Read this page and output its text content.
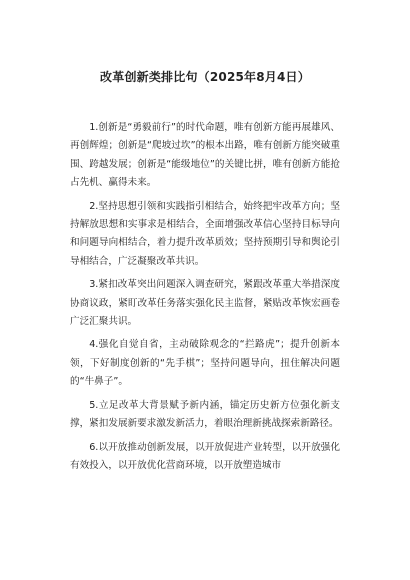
改革创新类排比句（2025年8月4日）

1.创新是“勇毅前行”的时代命题，唯有创新方能再展雄风、再创辉煌；创新是“爬坡过坎”的根本出路，唯有创新方能突破重围、跨越发展；创新是“能级地位”的关键比拼，唯有创新方能抢占先机、赢得未来。

2.坚持思想引领和实践指引相结合，始终把牢改革方向；坚持解放思想和实事求是相结合，全面增强改革信心坚持目标导向和问题导向相结合，着力提升改革质效；坚持预期引导和舆论引导相结合，广泛凝聚改革共识。

3.紧扣改革突出问题深入调查研究，紧跟改革重大举措深度协商议政，紧盯改革任务落实强化民主监督，紧贴改革恢宏画卷广泛汇聚共识。

4.强化自觉自省，主动破除观念的“拦路虎”；提升创新本领，下好制度创新的“先手棋”；坚持问题导向，扭住解决问题的“牛鼻子”。

5.立足改革大背景赋予新内涵，锚定历史新方位强化新支撑，紧扣发展新要求激发新活力，着眼治理新挑战探索新路径。

6.以开放推动创新发展，以开放促进产业转型，以开放强化有效投入，以开放优化营商环境，以开放塑造城市
